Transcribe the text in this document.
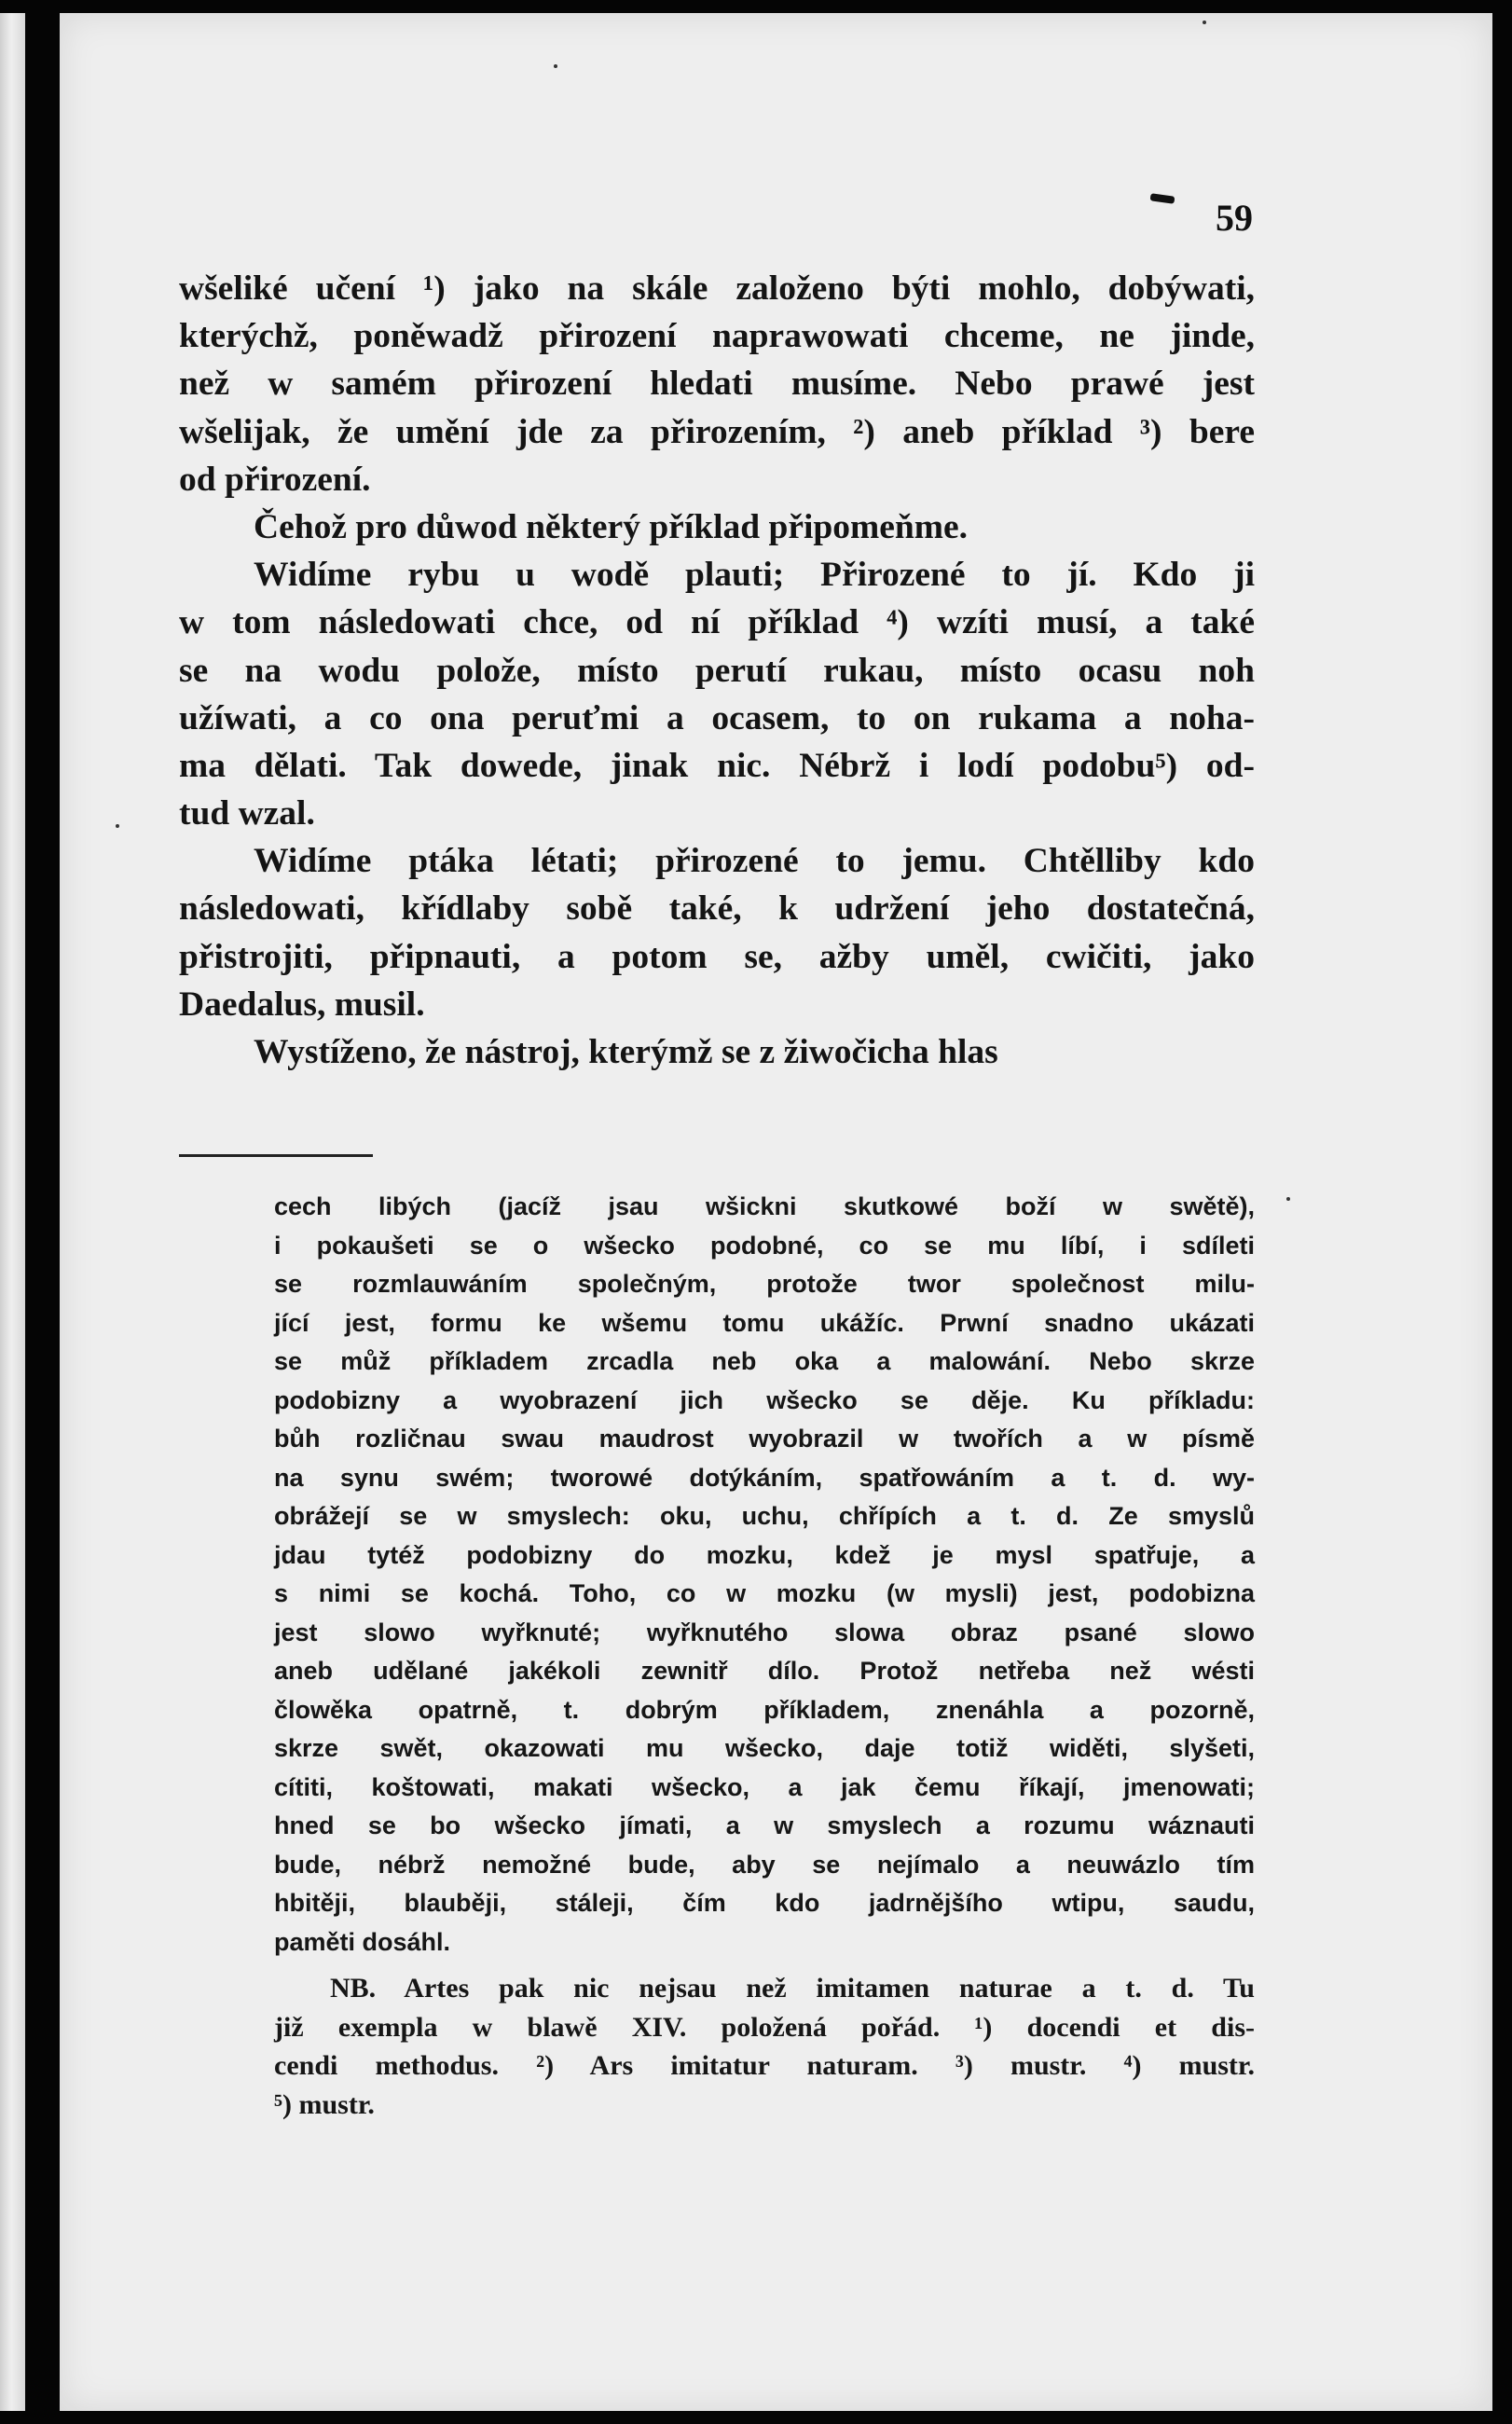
59
wšeliké učení ¹) jako na skále založeno býti mohlo, dobýwati,
kterýchž, poněwadž přirození naprawowati chceme, ne jinde,
než w samém přirození hledati musíme. Nebo prawé jest
wšelijak, že umění jde za přirozením, ²) aneb příklad ³) bere
od přirození.
Čehož pro důwod některý příklad připomeňme.
Widíme rybu u wodě plauti; Přirozené to jí. Kdo ji
w tom následowati chce, od ní příklad ⁴) wzíti musí, a také
se na wodu polože, místo perutí rukau, místo ocasu noh
užíwati, a co ona peruťmi a ocasem, to on rukama a noha-
ma dělati. Tak dowede, jinak nic. Nébrž i lodí podobu⁵) od-
tud wzal.
Widíme ptáka létati; přirozené to jemu. Chtělliby kdo
následowati, křídlaby sobě také, k udržení jeho dostatečná,
přistrojiti, připnauti, a potom se, ažby uměl, cwičiti, jako
Daedalus, musil.
Wystíženo, že nástroj, kterýmž se z žiwočicha hlas
cech libých (jacíž jsau wšickni skutkowé boží w swětě),
i pokaušeti se o wšecko podobné, co se mu líbí, i sdíleti
se rozmlauwáním společným, protože twor společnost milu-
jící jest, formu ke wšemu tomu ukážíc. Prwní snadno ukázati
se můž příkladem zrcadla neb oka a malowání. Nebo skrze
podobizny a wyobrazení jich wšecko se děje. Ku příkladu:
bůh rozličnau swau maudrost wyobrazil w twořích a w písmě
na synu swém; tworowé dotýkáním, spatřowáním a t. d. wy-
obrážejí se w smyslech: oku, uchu, chřípích a t. d. Ze smyslů
jdau tytéž podobizny do mozku, kdež je mysl spatřuje, a
s nimi se kochá. Toho, co w mozku (w mysli) jest, podobizna
jest slowo wyřknuté; wyřknutého slowa obraz psané slowo
aneb udělané jakékoli zewnitř dílo. Protož netřeba než wésti
člowěka opatrně, t. dobrým příkladem, znenáhla a pozorně,
skrze swět, okazowati mu wšecko, daje totiž widěti, slyšeti,
cítiti, koštowati, makati wšecko, a jak čemu říkají, jmenowati;
hned se bo wšecko jímati, a w smyslech a rozumu wáznauti
bude, nébrž nemožné bude, aby se nejímalo a neuwázlo tím
hbitěji, blauběji, stáleji, čím kdo jadrnějšího wtipu, saudu,
paměti dosáhl.
NB. Artes pak nic nejsau než imitamen naturae a t. d. Tu
již exempla w blawě XIV. položená pořád. ¹) docendi et dis-
cendi methodus. ²) Ars imitatur naturam. ³) mustr. ⁴) mustr.
⁵) mustr.
